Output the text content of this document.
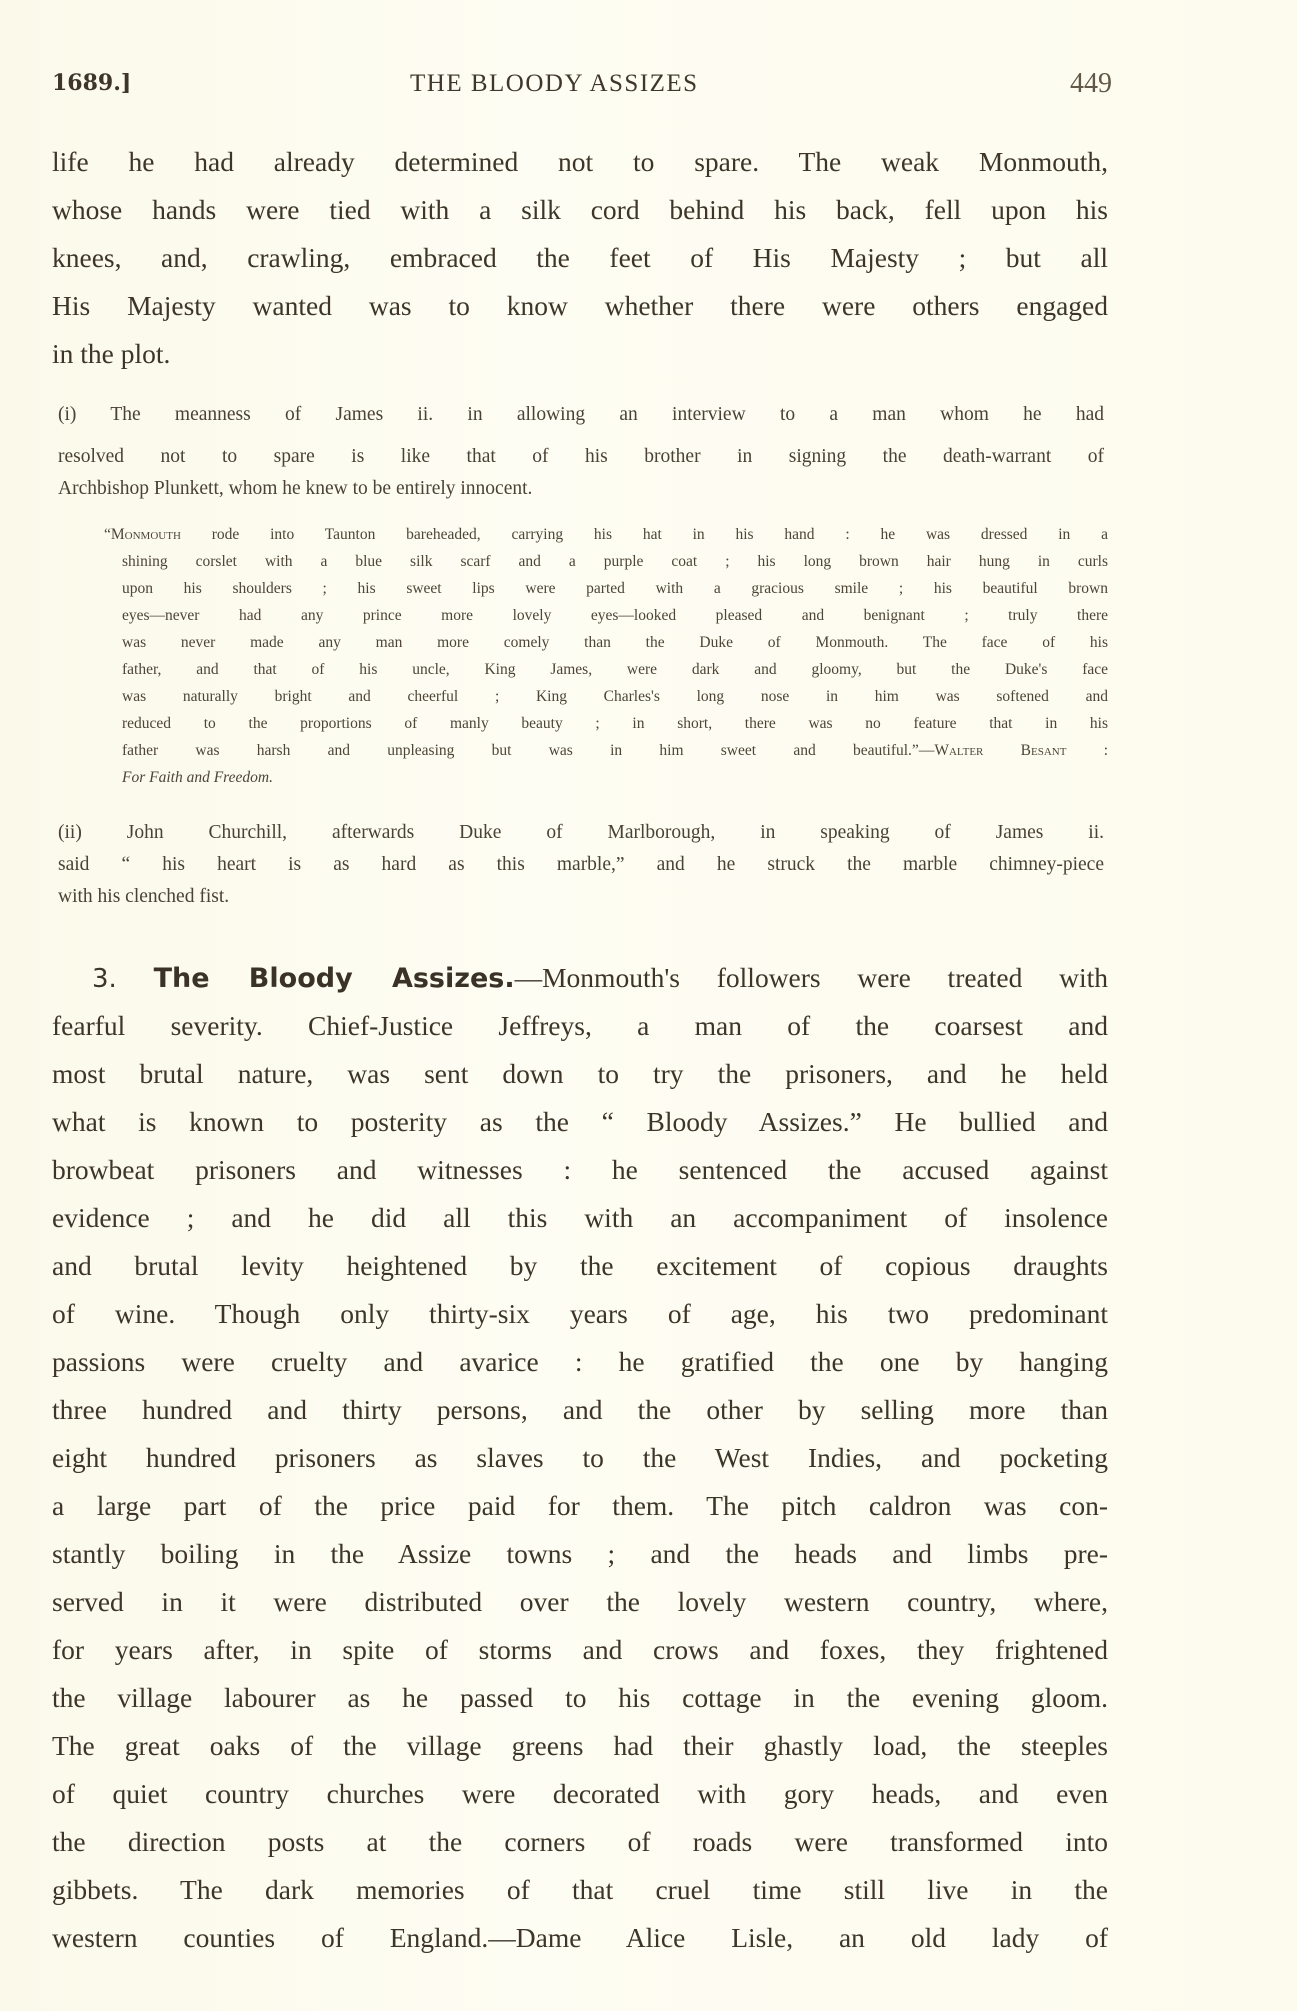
1689.]	THE BLOODY ASSIZES	449
life he had already determined not to spare. The weak Monmouth,
whose hands were tied with a silk cord behind his back, fell upon his
knees, and, crawling, embraced the feet of His Majesty ; but all
His Majesty wanted was to know whether there were others engaged
in the plot.
(i) The meanness of James ii. in allowing an interview to a man whom he had
resolved not to spare is like that of his brother in signing the death-warrant of
Archbishop Plunkett, whom he knew to be entirely innocent.
“Monmouth rode into Taunton bareheaded, carrying his hat in his hand : he was dressed in a
shining corslet with a blue silk scarf and a purple coat ; his long brown hair hung in curls
upon his shoulders ; his sweet lips were parted with a gracious smile ; his beautiful brown
eyes—never had any prince more lovely eyes—looked pleased and benignant ; truly there
was never made any man more comely than the Duke of Monmouth. The face of his
father, and that of his uncle, King James, were dark and gloomy, but the Duke's face
was naturally bright and cheerful ; King Charles's long nose in him was softened and
reduced to the proportions of manly beauty ; in short, there was no feature that in his
father was harsh and unpleasing but was in him sweet and beautiful.”—Walter Besant :
For Faith and Freedom.
(ii) John Churchill, afterwards Duke of Marlborough, in speaking of James ii.
said “ his heart is as hard as this marble,” and he struck the marble chimney-piece
with his clenched fist.
3. The Bloody Assizes.—Monmouth's followers were treated with
fearful severity. Chief-Justice Jeffreys, a man of the coarsest and
most brutal nature, was sent down to try the prisoners, and he held
what is known to posterity as the “ Bloody Assizes.” He bullied and
browbeat prisoners and witnesses : he sentenced the accused against
evidence ; and he did all this with an accompaniment of insolence
and brutal levity heightened by the excitement of copious draughts
of wine. Though only thirty-six years of age, his two predominant
passions were cruelty and avarice : he gratified the one by hanging
three hundred and thirty persons, and the other by selling more than
eight hundred prisoners as slaves to the West Indies, and pocketing
a large part of the price paid for them. The pitch caldron was con-
stantly boiling in the Assize towns ; and the heads and limbs pre-
served in it were distributed over the lovely western country, where,
for years after, in spite of storms and crows and foxes, they frightened
the village labourer as he passed to his cottage in the evening gloom.
The great oaks of the village greens had their ghastly load, the steeples
of quiet country churches were decorated with gory heads, and even
the direction posts at the corners of roads were transformed into
gibbets. The dark memories of that cruel time still live in the
western counties of England.—Dame Alice Lisle, an old lady of
